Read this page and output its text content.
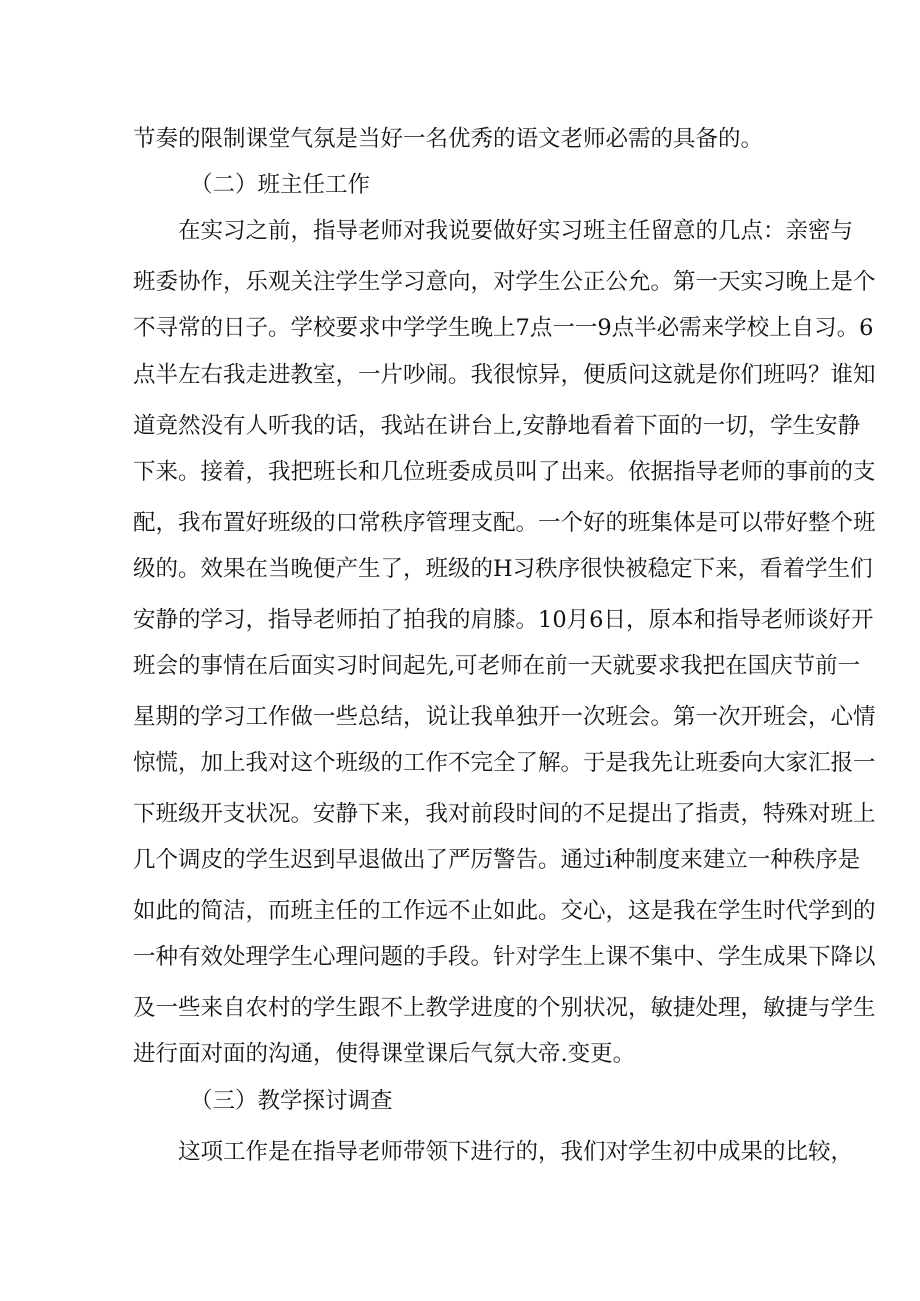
节奏的限制课堂气氛是当好一名优秀的语文老师必需的具备的。
（二）班主任工作
在实习之前，指导老师对我说要做好实习班主任留意的几点：亲密与
班委协作，乐观关注学生学习意向，对学生公正公允。第一天实习晚上是个
不寻常的日子。学校要求中学学生晚上7点一一9点半必需来学校上自习。6
点半左右我走进教室，一片吵闹。我很惊异，便质问这就是你们班吗？谁知
道竟然没有人听我的话，我站在讲台上,安静地看着下面的一切，学生安静
下来。接着，我把班长和几位班委成员叫了出来。依据指导老师的事前的支
配，我布置好班级的口常秩序管理支配。一个好的班集体是可以带好整个班
级的。效果在当晚便产生了，班级的H习秩序很快被稳定下来，看着学生们
安静的学习，指导老师拍了拍我的肩膝。10月6日，原本和指导老师谈好开
班会的事情在后面实习时间起先,可老师在前一天就要求我把在国庆节前一
星期的学习工作做一些总结，说让我单独开一次班会。第一次开班会，心情
惊慌，加上我对这个班级的工作不完全了解。于是我先让班委向大家汇报一
下班级开支状况。安静下来，我对前段时间的不足提出了指责，特殊对班上
几个调皮的学生迟到早退做出了严厉警告。通过i种制度来建立一种秩序是
如此的简洁，而班主任的工作远不止如此。交心，这是我在学生时代学到的
一种有效处理学生心理问题的手段。针对学生上课不集中、学生成果下降以
及一些来自农村的学生跟不上教学进度的个别状况，敏捷处理，敏捷与学生
进行面对面的沟通，使得课堂课后气氛大帝.变更。
（三）教学探讨调查
这项工作是在指导老师带领下进行的，我们对学生初中成果的比较，
